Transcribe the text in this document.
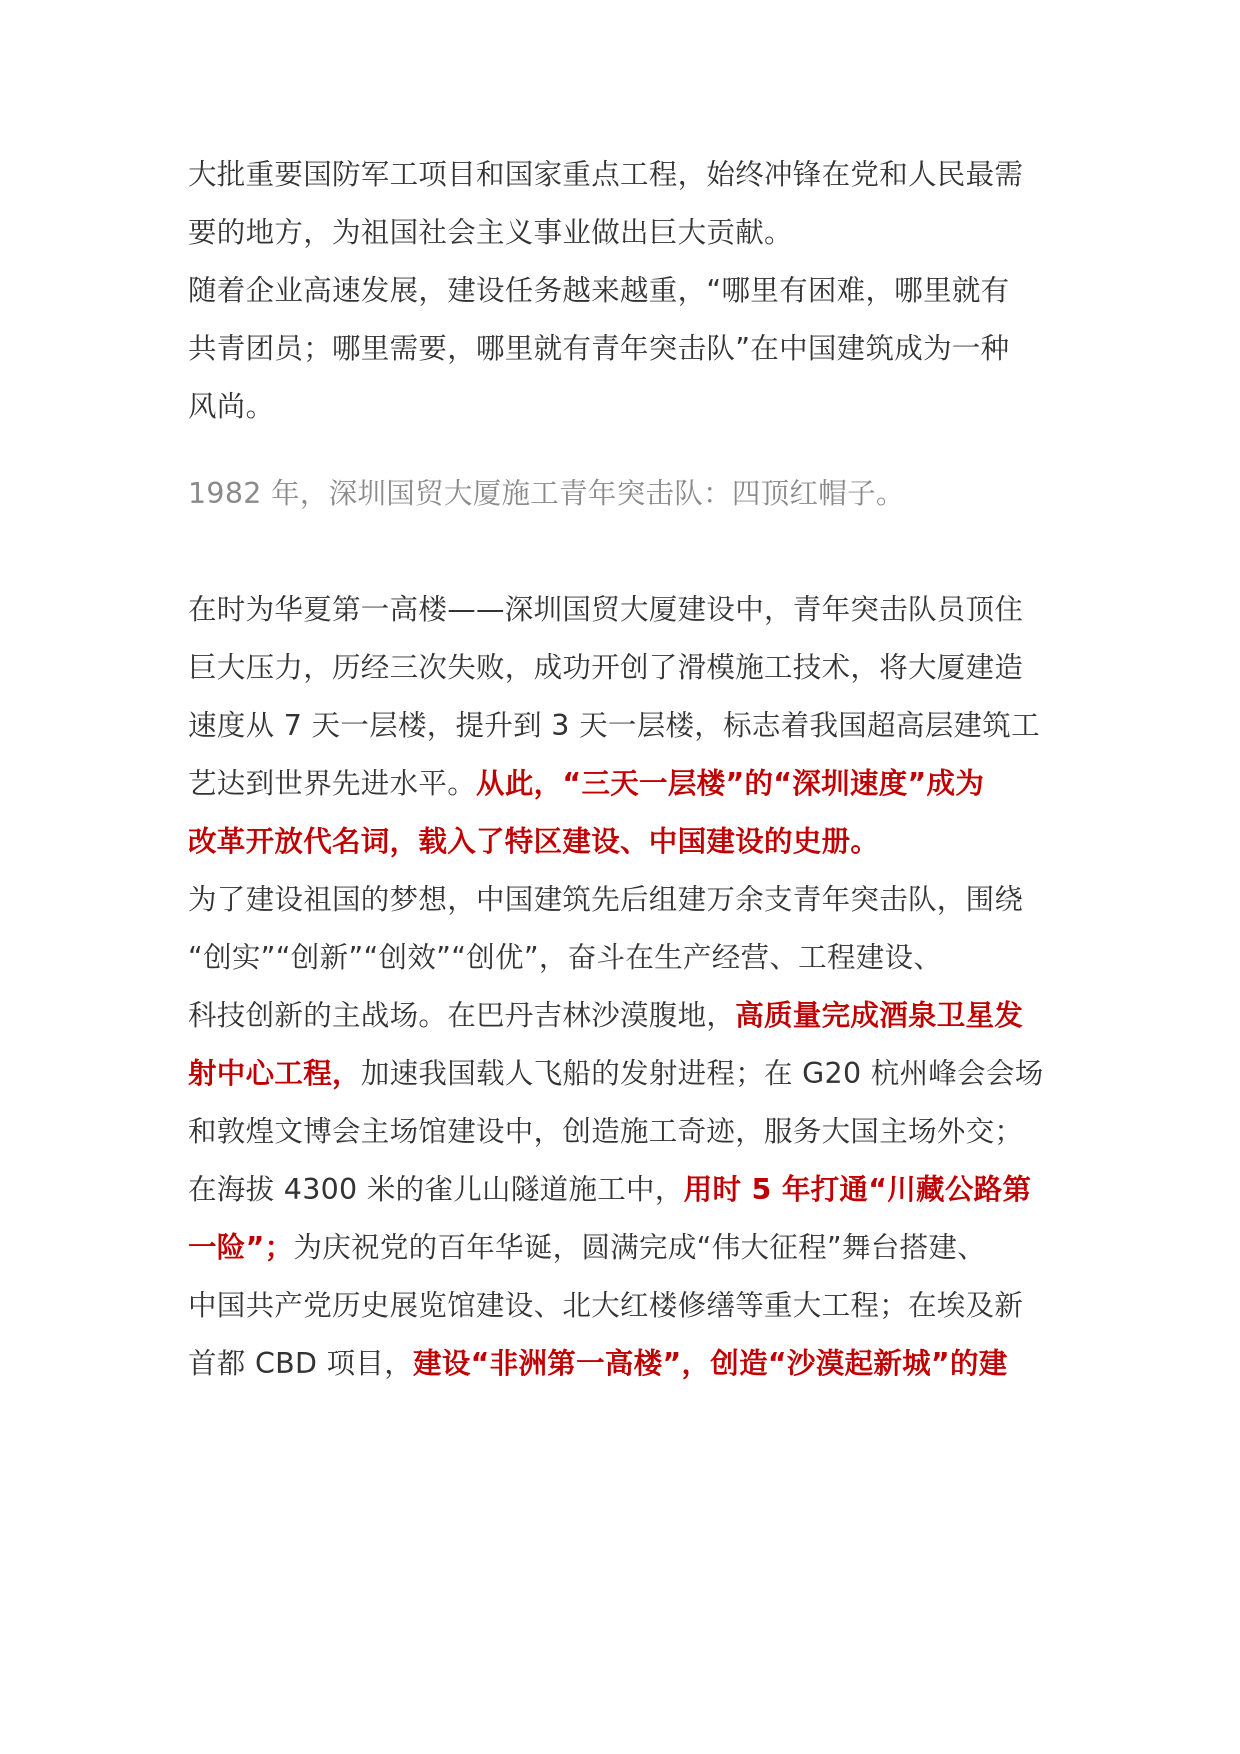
大批重要国防军工项目和国家重点工程，始终冲锋在党和人民最需
要的地方，为祖国社会主义事业做出巨大贡献。
随着企业高速发展，建设任务越来越重，“哪里有困难，哪里就有
共青团员；哪里需要，哪里就有青年突击队”在中国建筑成为一种
风尚。
1982 年，深圳国贸大厦施工青年突击队：四顶红帽子。
在时为华夏第一高楼——深圳国贸大厦建设中，青年突击队员顶住
巨大压力，历经三次失败，成功开创了滑模施工技术，将大厦建造
速度从 7 天一层楼，提升到 3 天一层楼，标志着我国超高层建筑工
艺达到世界先进水平。从此，“三天一层楼”的“深圳速度”成为
改革开放代名词，载入了特区建设、中国建设的史册。
为了建设祖国的梦想，中国建筑先后组建万余支青年突击队，围绕
“创实”“创新”“创效”“创优”，奋斗在生产经营、工程建设、
科技创新的主战场。在巴丹吉林沙漠腹地，高质量完成酒泉卫星发
射中心工程，加速我国载人飞船的发射进程；在 G20 杭州峰会会场
和敦煌文博会主场馆建设中，创造施工奇迹，服务大国主场外交；
在海拔 4300 米的雀儿山隧道施工中，用时 5 年打通“川藏公路第
一险”；为庆祝党的百年华诞，圆满完成“伟大征程”舞台搭建、
中国共产党历史展览馆建设、北大红楼修缮等重大工程；在埃及新
首都 CBD 项目，建设“非洲第一高楼”，创造“沙漠起新城”的建
